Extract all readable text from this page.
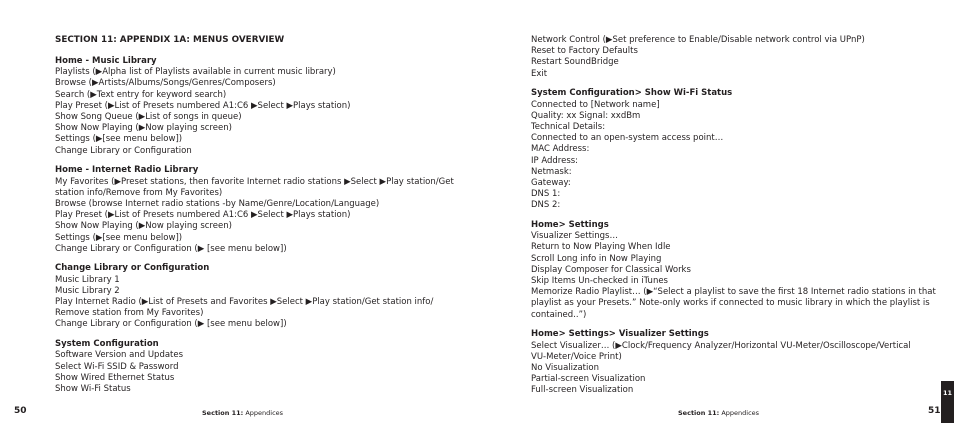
SECTION 11: APPENDIX 1A: MENUS OVERVIEW

Home - Music Library

Playlists (▶Alpha list of Playlists available in current music library)

Browse (▶Artists/Albums/Songs/Genres/Composers)

Search (▶Text entry for keyword search)

Play Preset (▶List of Presets numbered A1:C6 ▶Select ▶Plays station)

Show Song Queue (▶List of songs in queue)

Show Now Playing (▶Now playing screen)

Settings (▶[see menu below])

Change Library or Configuration

Home - Internet Radio Library

My Favorites (▶Preset stations, then favorite Internet radio stations ▶Select ▶Play station/Get

station info/Remove from My Favorites)

Browse (browse Internet radio stations -by Name/Genre/Location/Language)

Play Preset (▶List of Presets numbered A1:C6 ▶Select ▶Plays station)

Show Now Playing (▶Now playing screen)

Settings (▶[see menu below])

Change Library or Configuration (▶ [see menu below])

Change Library or Configuration

Music Library 1

Music Library 2

Play Internet Radio (▶List of Presets and Favorites ▶Select ▶Play station/Get station info/

Remove station from My Favorites)

Change Library or Configuration (▶ [see menu below])

System Configuration

Software Version and Updates

Select Wi-Fi SSID & Password

Show Wired Ethernet Status

Show Wi-Fi Status

Network Control (▶Set preference to Enable/Disable network control via UPnP)

Reset to Factory Defaults

Restart SoundBridge

Exit

System Configuration> Show Wi-Fi Status

Connected to [Network name]

Quality: xx Signal: xxdBm

Technical Details:

Connected to an open-system access point…

MAC Address:

IP Address:

Netmask:

Gateway:

DNS 1:

DNS 2:

Home> Settings

Visualizer Settings…

Return to Now Playing When Idle

Scroll Long info in Now Playing

Display Composer for Classical Works

Skip Items Un-checked in iTunes

Memorize Radio Playlist… (▶“Select a playlist to save the first 18 Internet radio stations in that

playlist as your Presets.” Note-only works if connected to music library in which the playlist is

contained..”)

Home> Settings> Visualizer Settings

Select Visualizer… (▶Clock/Frequency Analyzer/Horizontal VU-Meter/Oscilloscope/Vertical

VU-Meter/Voice Print)

No Visualization

Partial-screen Visualization

Full-screen Visualization

50	Section 11: Appendices	Section 11: Appendices	51
11
